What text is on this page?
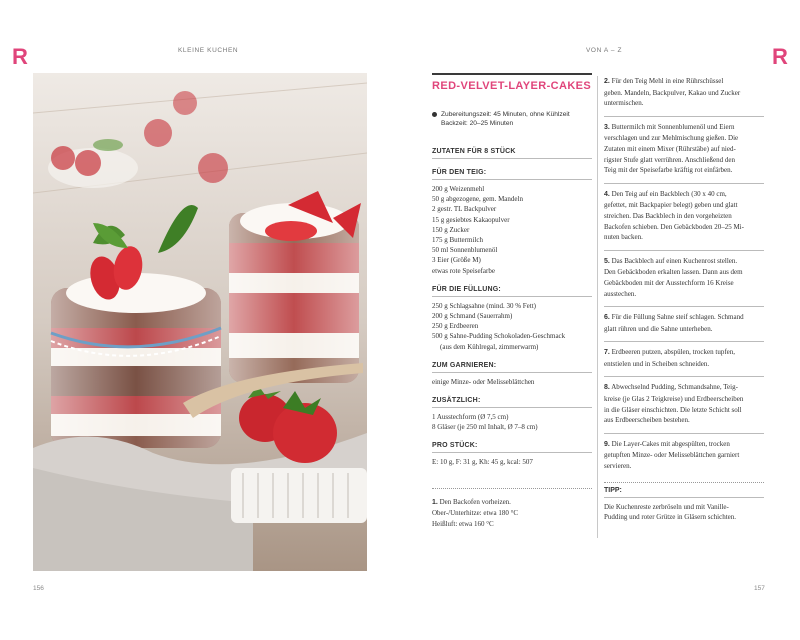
R	R
KLEINE KUCHEN	VON A – Z
RED-VELVET-LAYER-CAKES
Zubereitungszeit: 45 Minuten, ohne Kühlzeit
Backzeit: 20–25 Minuten
ZUTATEN FÜR 8 STÜCK
FÜR DEN TEIG:
200 g Weizenmehl
50 g abgezogene, gem. Mandeln
2 gestr. TL Backpulver
15 g gesiebtes Kakaopulver
150 g Zucker
175 g Buttermilch
50 ml Sonnenblumenöl
3 Eier (Größe M)
etwas rote Speisefarbe
FÜR DIE FÜLLUNG:
250 g Schlagsahne (mind. 30 % Fett)
200 g Schmand (Sauerrahm)
250 g Erdbeeren
500 g Sahne-Pudding Schokoladen-Geschmack
(aus dem Kühlregal, zimmerwarm)
ZUM GARNIEREN:
einige Minze- oder Melisseblättchen
ZUSÄTZLICH:
1 Ausstechform (Ø 7,5 cm)
8 Gläser (je 250 ml Inhalt, Ø 7–8 cm)
PRO STÜCK:
E: 10 g, F: 31 g, Kh: 45 g, kcal: 507
1. Den Backofen vorheizen.
Ober-/Unterhitze: etwa 180 °C
Heißluft: etwa 160 °C
2. Für den Teig Mehl in eine Rührschüssel
geben. Mandeln, Backpulver, Kakao und Zucker
untermischen.
3. Buttermilch mit Sonnenblumenöl und Eiern
verschlagen und zur Mehlmischung gießen. Die
Zutaten mit einem Mixer (Rührstäbe) auf nied-
rigster Stufe glatt verrühren. Anschließend den
Teig mit der Speisefarbe kräftig rot einfärben.
4. Den Teig auf ein Backblech (30 x 40 cm,
gefettet, mit Backpapier belegt) geben und glatt
streichen. Das Backblech in den vorgeheizten
Backofen schieben. Den Gebäckboden 20–25 Mi-
nuten backen.
5. Das Backblech auf einen Kuchenrost stellen.
Den Gebäckboden erkalten lassen. Dann aus dem
Gebäckboden mit der Ausstechform 16 Kreise
ausstechen.
6. Für die Füllung Sahne steif schlagen. Schmand
glatt rühren und die Sahne unterheben.
7. Erdbeeren putzen, abspülen, trocken tupfen,
entstielen und in Scheiben schneiden.
8. Abwechselnd Pudding, Schmandsahne, Teig-
kreise (je Glas 2 Teigkreise) und Erdbeerscheiben
in die Gläser einschichten. Die letzte Schicht soll
aus Erdbeerscheiben bestehen.
9. Die Layer-Cakes mit abgespülten, trocken
getupften Minze- oder Melisseblättchen garniert
servieren.
TIPP:
Die Kuchenreste zerbröseln und mit Vanille-
Pudding und roter Grütze in Gläsern schichten.
156	157
